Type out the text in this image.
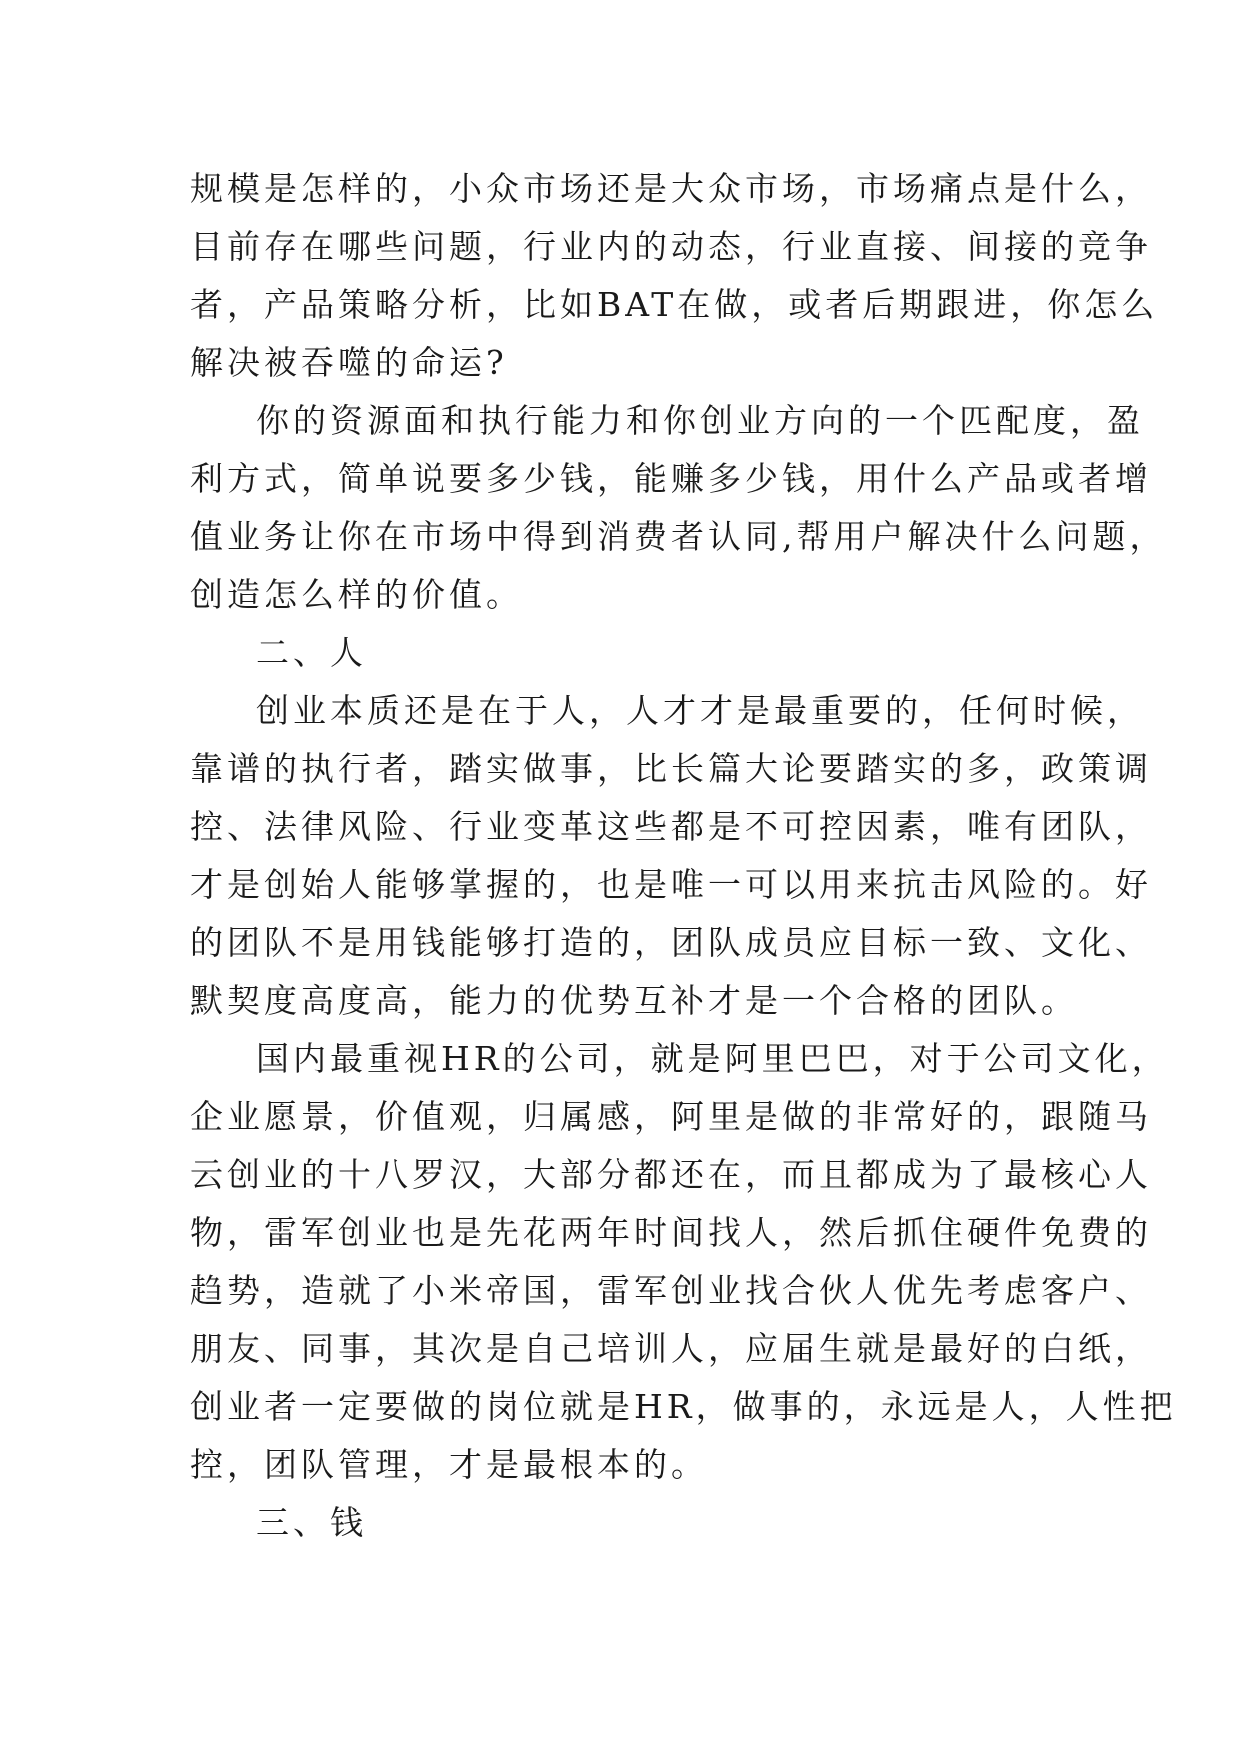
规模是怎样的，小众市场还是大众市场，市场痛点是什么，
目前存在哪些问题，行业内的动态，行业直接、间接的竞争
者，产品策略分析，比如BAT在做，或者后期跟进，你怎么
解决被吞噬的命运?
你的资源面和执行能力和你创业方向的一个匹配度，盈
利方式，简单说要多少钱，能赚多少钱，用什么产品或者增
值业务让你在市场中得到消费者认同,帮用户解决什么问题，
创造怎么样的价值。
二、人
创业本质还是在于人，人才才是最重要的，任何时候，
靠谱的执行者，踏实做事，比长篇大论要踏实的多，政策调
控、法律风险、行业变革这些都是不可控因素，唯有团队，
才是创始人能够掌握的，也是唯一可以用来抗击风险的。好
的团队不是用钱能够打造的，团队成员应目标一致、文化、
默契度高度高，能力的优势互补才是一个合格的团队。
国内最重视HR的公司，就是阿里巴巴，对于公司文化，
企业愿景，价值观，归属感，阿里是做的非常好的，跟随马
云创业的十八罗汉，大部分都还在，而且都成为了最核心人
物，雷军创业也是先花两年时间找人，然后抓住硬件免费的
趋势，造就了小米帝国，雷军创业找合伙人优先考虑客户、
朋友、同事，其次是自己培训人，应届生就是最好的白纸，
创业者一定要做的岗位就是HR，做事的，永远是人，人性把
控，团队管理，才是最根本的。
三、钱
